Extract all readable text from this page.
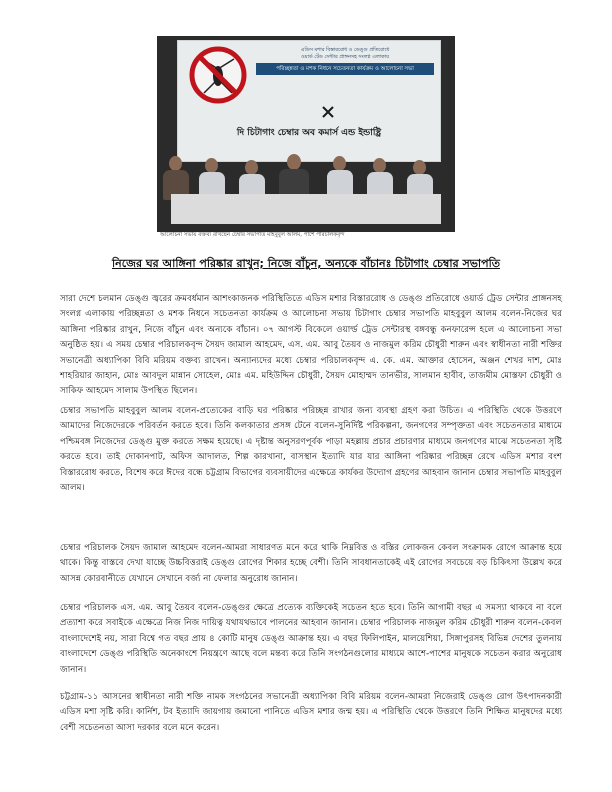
এডিস মশার বিস্তাররোধ ও ডেঙ্গু প্রতিরোধে
ওয়ার্ড টেড সেন্টার প্রাঙ্গনসহ সংলগ্ন এলাকায়
পরিচ্ছন্নতা ও মশক নিধনে সচেতনতা কার্যক্রম ও আলোচনা সভা
দি চিটাগাং চেম্বার অব কমার্স এন্ড ইন্ডাষ্ট্রি
আলোচনা সভায় বক্তব্য রাখছেন চেম্বার সভাপতি মাহবুবুল আলম, পাশে পরিচালকবৃন্দ
নিজের ঘর আঙ্গিনা পরিষ্কার রাখুন; নিজে বাঁচুন, অন্যকে বাঁচানঃ চিটাগাং চেম্বার সভাপতি
সারা দেশে চলমান ডেঙ্গু জ্বরের ক্রমবর্ধমান আশংকাজনক পরিস্থিতিতে এডিস মশার বিস্তাররোধ ও ডেঙ্গু প্রতিরোধে ওয়ার্ড ট্রেড সেন্টার প্রাঙ্গনসহ সংলগ্ন এলাকায় পরিচ্ছন্নতা ও মশক নিধনে সচেতনতা কার্যক্রম ও আলোচনা সভায় চিটাগাং চেম্বার সভাপতি মাহবুবুল আলম বলেন-নিজের ঘর আঙ্গিনা পরিষ্কার রাখুন, নিজে বাঁচুন এবং অন্যকে বাঁচান। ০৭ আগস্ট বিকেলে ওয়ার্ল্ড ট্রেড সেন্টারস্থ বঙ্গবন্ধু কনফারেন্স হলে এ আলোচনা সভা অনুষ্ঠিত হয়। এ সময় চেম্বার পরিচালকবৃন্দ সৈয়দ জামাল আহমেদ, এস. এম. আবু তৈয়ব ও নাজমুল করিম চৌধুরী শারুন এবং স্বাধীনতা নারী শক্তির সভানেত্রী অধ্যাপিকা বিবি মরিয়ম বক্তব্য রাখেন। অন্যান্যদের মধ্যে চেম্বার পরিচালকবৃন্দ এ. কে. এম. আক্তার হোসেন, অঞ্জন শেখর দাশ, মোঃ শাহরিয়ার জাহান, মোঃ আবদুল মান্নান সোহেল, মোঃ এম. মহিউদ্দিন চৌধুরী, সৈয়দ মোহাম্মদ তানভীর, সালমান হাবীব, তাজমীম মোস্তফা চৌধুরী ও সাকিফ আহমেদ সালাম উপস্থিত ছিলেন।
চেম্বার সভাপতি মাহবুবুল আলম বলেন-প্রত্যেকের বাড়ি ঘর পরিষ্কার পরিচ্ছন্ন রাখার জন্য ব্যবস্থা গ্রহণ করা উচিত। এ পরিস্থিতি থেকে উত্তরণে আমাদের নিজেদেরকে পরিবর্তন করতে হবে। তিনি কলকাতার প্রসঙ্গ টেনে বলেন-সুনির্দিষ্ট পরিকল্পনা, জনগণের সম্পৃক্ততা এবং সচেতনতার মাধ্যমে পশ্চিমবঙ্গ নিজেদের ডেঙ্গু মুক্ত করতে সক্ষম হয়েছে। এ দৃষ্টান্ত অনুসরণপূর্বক পাড়া মহল্লায় প্রচার প্রচারণার মাধ্যমে জনগণের মাঝে সচেতনতা সৃষ্টি করতে হবে। তাই দোকানপাট, অফিস আদালত, শিল্প কারখানা, বাসস্থান ইত্যাদি যার যার আঙ্গিনা পরিষ্কার পরিচ্ছন্ন রেখে এডিস মশার বংশ বিস্তাররোধ করতে, বিশেষ করে ঈদের বন্ধে চট্টগ্রাম বিভাগের ব্যবসায়ীদের এক্ষেত্রে কার্যকর উদ্যোগ গ্রহণের আহবান জানান চেম্বার সভাপতি মাহবুবুল আলম।
চেম্বার পরিচালক সৈয়দ জামাল আহমেদ বলেন-আমরা সাধারণত মনে করে থাকি নিম্নবিত্ত ও বস্তির লোকজন কেবল সংক্রামক রোগে আক্রান্ত হয়ে থাকে। কিন্তু বাস্তবে দেখা যাচ্ছে উচ্চবিত্তরাই ডেঙ্গু রোগের শিকার হচ্ছে বেশী। তিনি সাবধানতাকেই এই রোগের সবচেয়ে বড় চিকিৎসা উল্লেখ করে আসন্ন কোরবানীতে যেখানে সেখানে বর্জ্য না ফেলার অনুরোধ জানান।
চেম্বার পরিচালক এস. এম. আবু তৈয়ব বলেন-ডেঙ্গুর ক্ষেত্রে প্রত্যেক ব্যক্তিকেই সচেতন হতে হবে। তিনি আগামী বছর এ সমস্যা থাকবে না বলে প্রত্যাশা করে সবাইকে এক্ষেত্রে নিজ নিজ দায়িত্ব যথাযথভাবে পালনের আহবান জানান। চেম্বার পরিচালক নাজমুল করিম চৌধুরী শারুন বলেন-কেবল বাংলাদেশেই নয়, সারা বিশ্বে গত বছর প্রায় ৪ কোটি মানুষ ডেঙ্গু আক্রান্ত হয়। এ বছর ফিলিপাইন, মালয়েশিয়া, সিঙ্গাপুরসহ বিভিন্ন দেশের তুলনায় বাংলাদেশে ডেঙ্গু পরিস্থিতি অনেকাংশে নিয়ন্ত্রণে আছে বলে মন্তব্য করে তিনি সংগঠনগুলোর মাধ্যমে আশে-পাশের মানুষকে সচেতন করার অনুরোধ জানান।
চট্টগ্রাম-১১ আসনের স্বাধীনতা নারী শক্তি নামক সংগঠনের সভানেত্রী অধ্যাপিকা বিবি মরিয়ম বলেন-আমরা নিজেরাই ডেঙ্গু রোগ উৎপাদনকারী এডিস মশা সৃষ্টি করি। কার্নিশ, টব ইত্যাদি জায়গায় জমানো পানিতে এডিস মশার জন্ম হয়। এ পরিস্থিতি থেকে উত্তরণে তিনি শিক্ষিত মানুষদের মধ্যে বেশী সচেতনতা আসা দরকার বলে মনে করেন।
